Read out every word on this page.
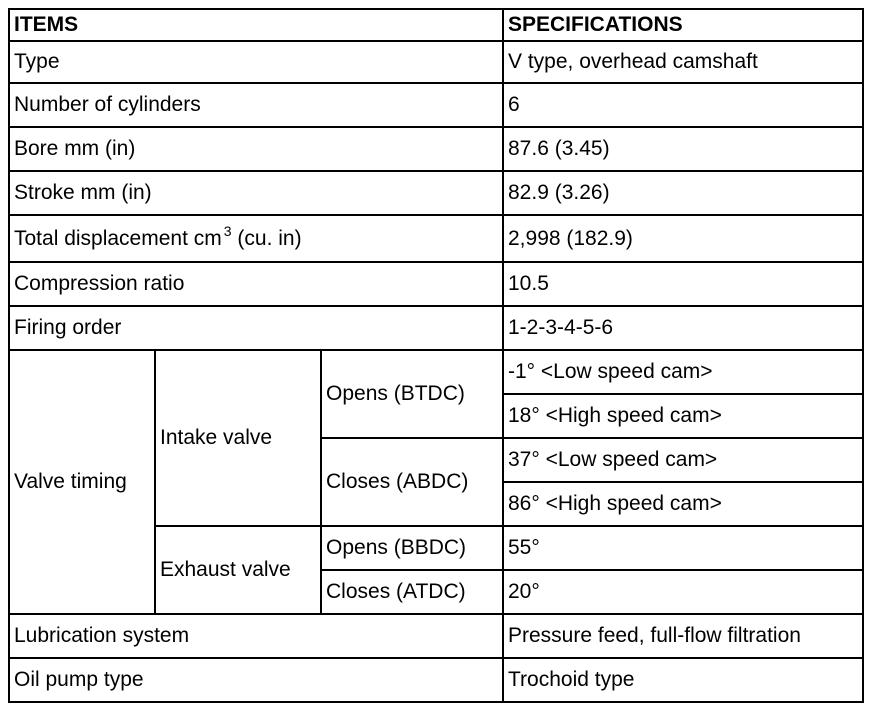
ITEMS			SPECIFICATIONS
Type			V type, overhead camshaft
Number of cylinders			6
Bore mm (in)			87.6 (3.45)
Stroke mm (in)			82.9 (3.26)
Total displacement cm $^3$ (cu. in)			2,998 (182.9)
Compression ratio			10.5
Firing order			1-2-3-4-5-6
Valve timing	Intake valve	Opens (BTDC)	-1° <Low speed cam>
			18° <High speed cam>
		Closes (ABDC)	37° <Low speed cam>
			86° <High speed cam>
	Exhaust valve	Opens (BBDC)	55°
		Closes (ATDC)	20°
Lubrication system			Pressure feed, full-flow filtration
Oil pump type			Trochoid type
